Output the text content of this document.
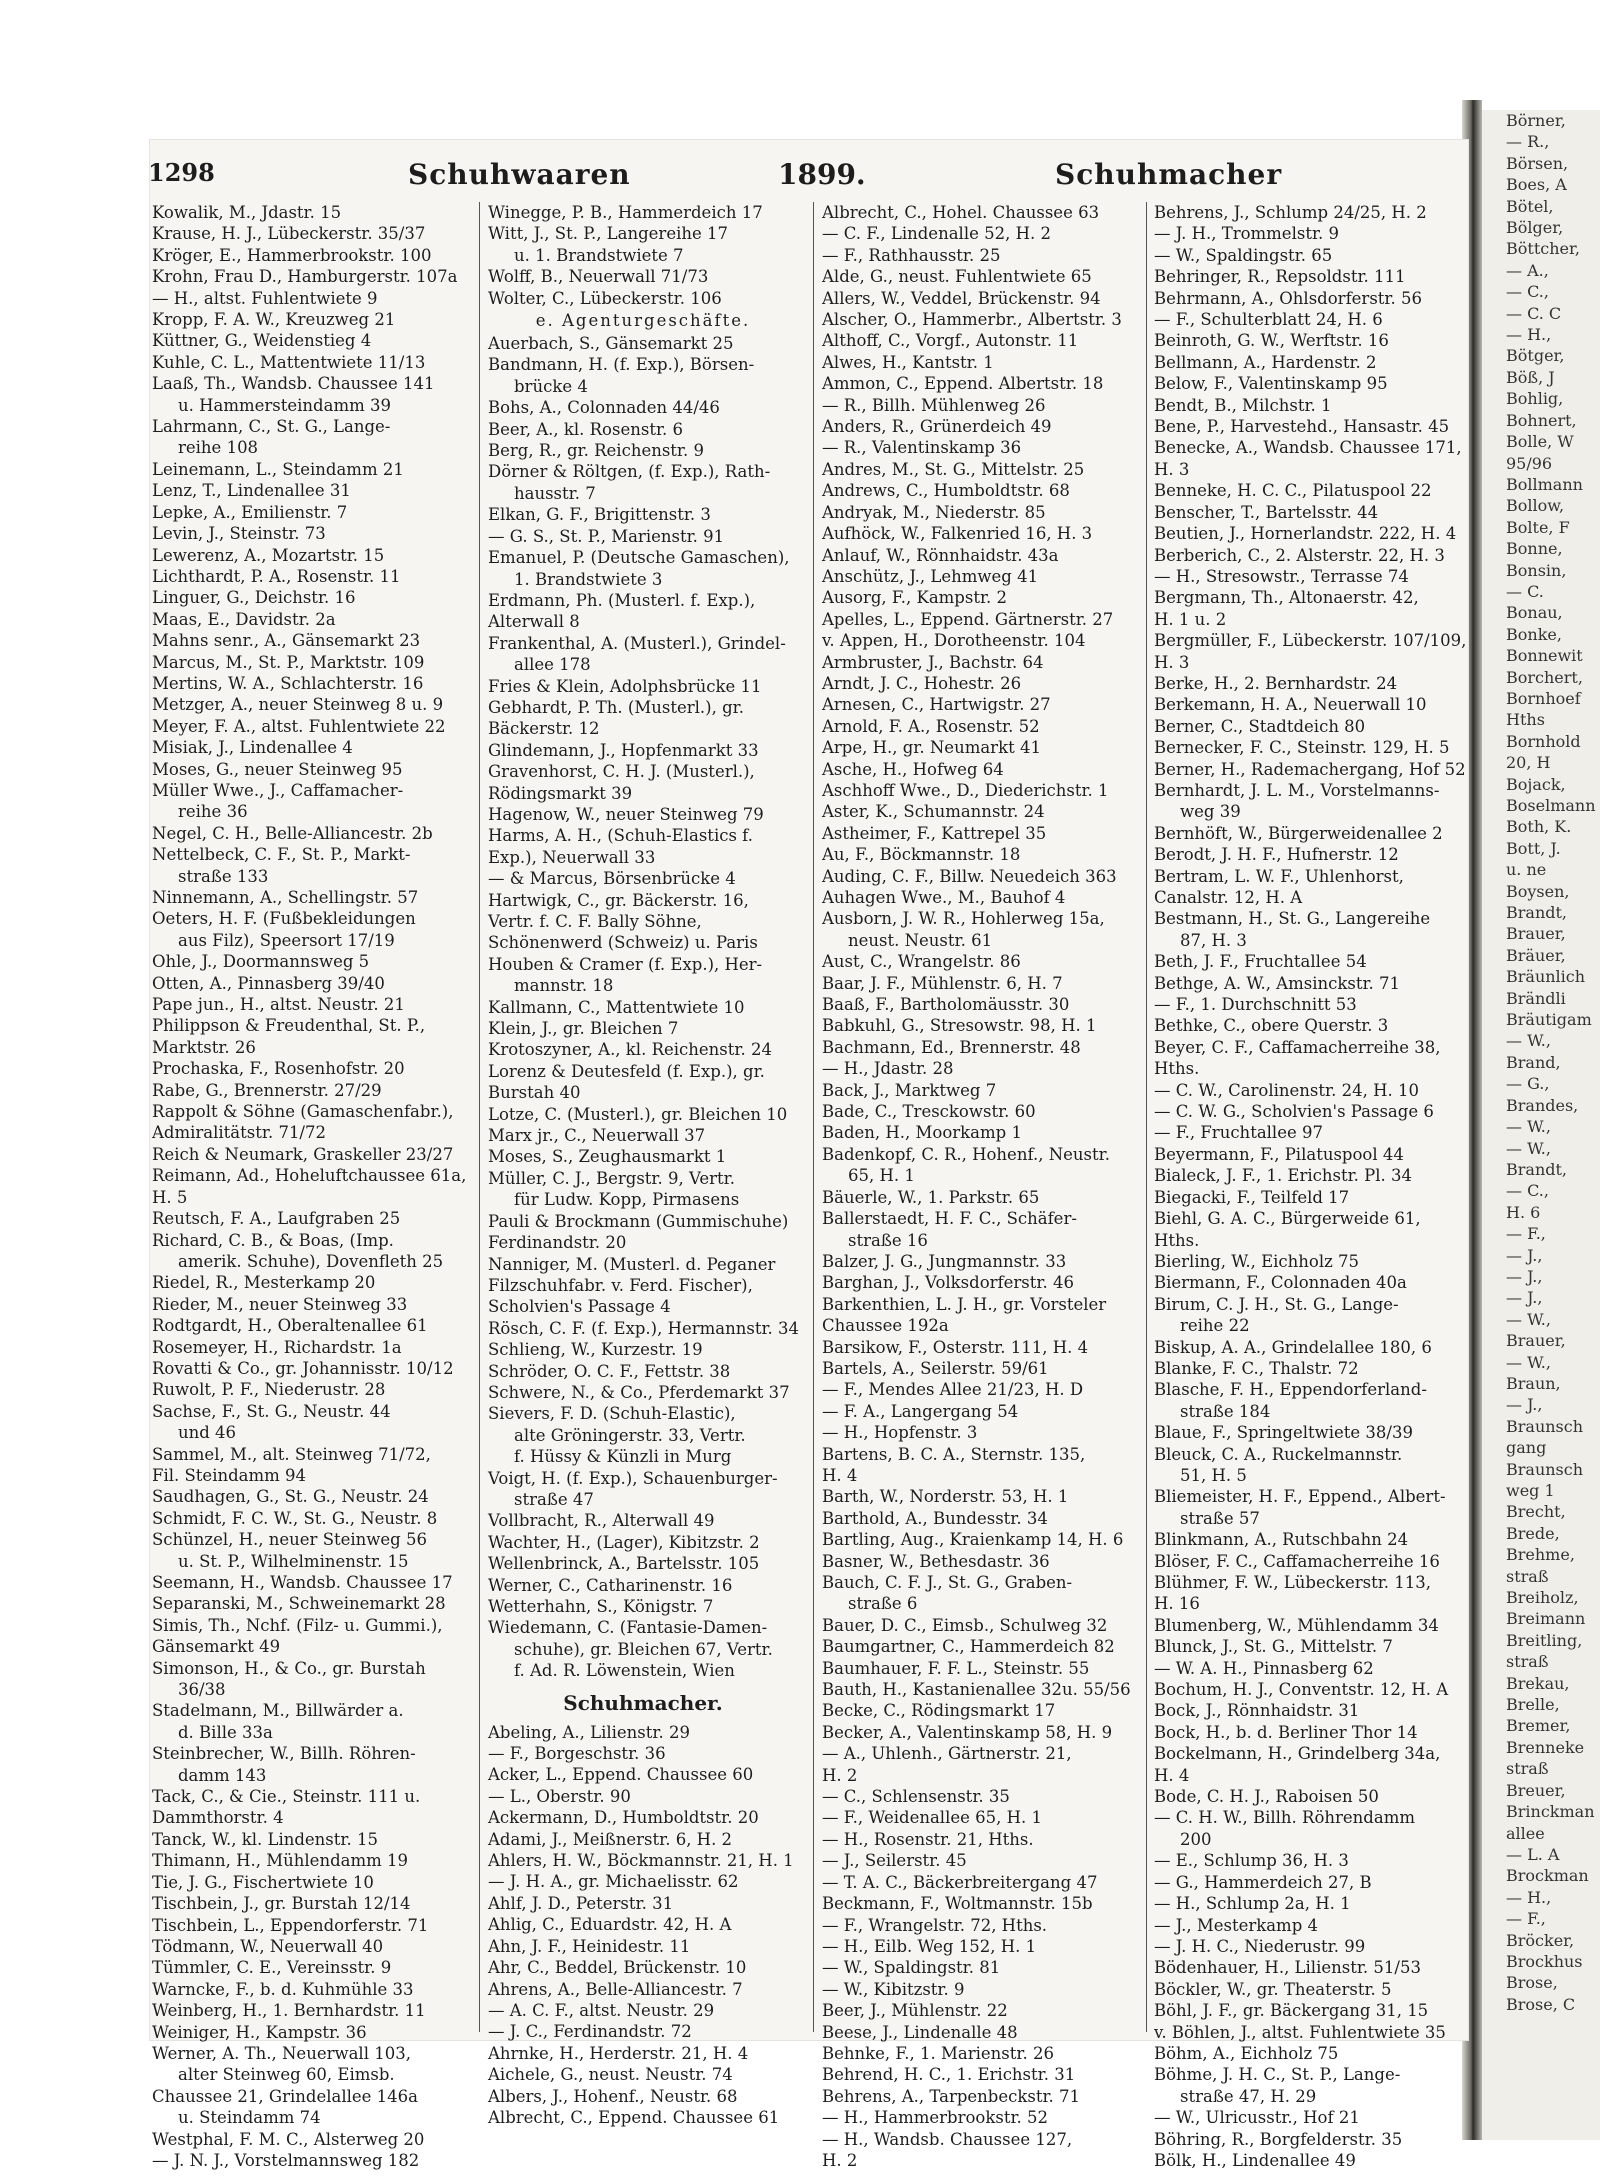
Börner,
— R.,
Börsen,
Boes, A
Bötel,
Bölger,
Böttcher,
— A.,
— C.,
— C. C
— H.,
Bötger,
Böß, J
Bohlig,
Bohnert,
Bolle, W
95/96
Bollmann
Bollow,
Bolte, F
Bonne,
Bonsin,
— C.
Bonau,
Bonke,
Bonnewit
Borchert,
Bornhoef
Hths
Bornhold
20, H
Bojack,
Boselmann
Both, K.
Bott, J.
u. ne
Boysen,
Brandt,
Brauer,
Bräuer,
Bräunlich
Brändli
Bräutigam
— W.,
Brand,
— G.,
Brandes,
— W.,
— W.,
Brandt,
— C.,
H. 6
— F.,
— J.,
— J.,
— J.,
— W.,
Brauer,
— W.,
Braun,
— J.,
Braunsch
gang
Braunsch
weg 1
Brecht,
Brede,
Brehme,
straß
Breiholz,
Breimann
Breitling,
straß
Brekau,
Brelle,
Bremer,
Brenneke
straß
Breuer,
Brinckman
allee
— L. A
Brockman
— H.,
— F.,
Bröcker,
Brockhus
Brose,
Brose, C
1298	Schuhwaaren	1899.	Schuhmacher
Kowalik, M., Jdastr. 15
Krause, H. J., Lübeckerstr. 35/37
Kröger, E., Hammerbrookstr. 100
Krohn, Frau D., Hamburgerstr. 107a
— H., altst. Fuhlentwiete 9
Kropp, F. A. W., Kreuzweg 21
Küttner, G., Weidenstieg 4
Kuhle, C. L., Mattentwiete 11/13
Laaß, Th., Wandsb. Chaussee 141
u. Hammersteindamm 39
Lahrmann, C., St. G., Lange-
reihe 108
Leinemann, L., Steindamm 21
Lenz, T., Lindenallee 31
Lepke, A., Emilienstr. 7
Levin, J., Steinstr. 73
Lewerenz, A., Mozartstr. 15
Lichthardt, P. A., Rosenstr. 11
Linguer, G., Deichstr. 16
Maas, E., Davidstr. 2a
Mahns senr., A., Gänsemarkt 23
Marcus, M., St. P., Marktstr. 109
Mertins, W. A., Schlachterstr. 16
Metzger, A., neuer Steinweg 8 u. 9
Meyer, F. A., altst. Fuhlentwiete 22
Misiak, J., Lindenallee 4
Moses, G., neuer Steinweg 95
Müller Wwe., J., Caffamacher-
reihe 36
Negel, C. H., Belle-Alliancestr. 2b
Nettelbeck, C. F., St. P., Markt-
straße 133
Ninnemann, A., Schellingstr. 57
Oeters, H. F. (Fußbekleidungen
aus Filz), Speersort 17/19
Ohle, J., Doormannsweg 5
Otten, A., Pinnasberg 39/40
Pape jun., H., altst. Neustr. 21
Philippson & Freudenthal, St. P.,
Marktstr. 26
Prochaska, F., Rosenhofstr. 20
Rabe, G., Brennerstr. 27/29
Rappolt & Söhne (Gamaschenfabr.),
Admiralitätstr. 71/72
Reich & Neumark, Graskeller 23/27
Reimann, Ad., Hoheluftchaussee 61a,
H. 5
Reutsch, F. A., Laufgraben 25
Richard, C. B., & Boas, (Imp.
amerik. Schuhe), Dovenfleth 25
Riedel, R., Mesterkamp 20
Rieder, M., neuer Steinweg 33
Rodtgardt, H., Oberaltenallee 61
Rosemeyer, H., Richardstr. 1a
Rovatti & Co., gr. Johannisstr. 10/12
Ruwolt, P. F., Niederustr. 28
Sachse, F., St. G., Neustr. 44
und 46
Sammel, M., alt. Steinweg 71/72,
Fil. Steindamm 94
Saudhagen, G., St. G., Neustr. 24
Schmidt, F. C. W., St. G., Neustr. 8
Schünzel, H., neuer Steinweg 56
u. St. P., Wilhelminenstr. 15
Seemann, H., Wandsb. Chaussee 17
Separanski, M., Schweinemarkt 28
Simis, Th., Nchf. (Filz- u. Gummi.),
Gänsemarkt 49
Simonson, H., & Co., gr. Burstah
36/38
Stadelmann, M., Billwärder a.
d. Bille 33a
Steinbrecher, W., Billh. Röhren-
damm 143
Tack, C., & Cie., Steinstr. 111 u.
Dammthorstr. 4
Tanck, W., kl. Lindenstr. 15
Thimann, H., Mühlendamm 19
Tie, J. G., Fischertwiete 10
Tischbein, J., gr. Burstah 12/14
Tischbein, L., Eppendorferstr. 71
Tödmann, W., Neuerwall 40
Tümmler, C. E., Vereinsstr. 9
Warncke, F., b. d. Kuhmühle 33
Weinberg, H., 1. Bernhardstr. 11
Weiniger, H., Kampstr. 36
Werner, A. Th., Neuerwall 103,
alter Steinweg 60, Eimsb.
Chaussee 21, Grindelallee 146a
u. Steindamm 74
Westphal, F. M. C., Alsterweg 20
— J. N. J., Vorstelmannsweg 182
Winegge, P. B., Hammerdeich 17
Witt, J., St. P., Langereihe 17
u. 1. Brandstwiete 7
Wolff, B., Neuerwall 71/73
Wolter, C., Lübeckerstr. 106
e. Agenturgeschäfte.
Auerbach, S., Gänsemarkt 25
Bandmann, H. (f. Exp.), Börsen-
brücke 4
Bohs, A., Colonnaden 44/46
Beer, A., kl. Rosenstr. 6
Berg, R., gr. Reichenstr. 9
Dörner & Röltgen, (f. Exp.), Rath-
hausstr. 7
Elkan, G. F., Brigittenstr. 3
— G. S., St. P., Marienstr. 91
Emanuel, P. (Deutsche Gamaschen),
1. Brandstwiete 3
Erdmann, Ph. (Musterl. f. Exp.),
Alterwall 8
Frankenthal, A. (Musterl.), Grindel-
allee 178
Fries & Klein, Adolphsbrücke 11
Gebhardt, P. Th. (Musterl.), gr.
Bäckerstr. 12
Glindemann, J., Hopfenmarkt 33
Gravenhorst, C. H. J. (Musterl.),
Rödingsmarkt 39
Hagenow, W., neuer Steinweg 79
Harms, A. H., (Schuh-Elastics f.
Exp.), Neuerwall 33
— & Marcus, Börsenbrücke 4
Hartwigk, C., gr. Bäckerstr. 16,
Vertr. f. C. F. Bally Söhne,
Schönenwerd (Schweiz) u. Paris
Houben & Cramer (f. Exp.), Her-
mannstr. 18
Kallmann, C., Mattentwiete 10
Klein, J., gr. Bleichen 7
Krotoszyner, A., kl. Reichenstr. 24
Lorenz & Deutesfeld (f. Exp.), gr.
Burstah 40
Lotze, C. (Musterl.), gr. Bleichen 10
Marx jr., C., Neuerwall 37
Moses, S., Zeughausmarkt 1
Müller, C. J., Bergstr. 9, Vertr.
für Ludw. Kopp, Pirmasens
Pauli & Brockmann (Gummischuhe)
Ferdinandstr. 20
Nanniger, M. (Musterl. d. Peganer
Filzschuhfabr. v. Ferd. Fischer),
Scholvien's Passage 4
Rösch, C. F. (f. Exp.), Hermannstr. 34
Schlieng, W., Kurzestr. 19
Schröder, O. C. F., Fettstr. 38
Schwere, N., & Co., Pferdemarkt 37
Sievers, F. D. (Schuh-Elastic),
alte Gröningerstr. 33, Vertr.
f. Hüssy & Künzli in Murg
Voigt, H. (f. Exp.), Schauenburger-
straße 47
Vollbracht, R., Alterwall 49
Wachter, H., (Lager), Kibitzstr. 2
Wellenbrinck, A., Bartelsstr. 105
Werner, C., Catharinenstr. 16
Wetterhahn, S., Königstr. 7
Wiedemann, C. (Fantasie-Damen-
schuhe), gr. Bleichen 67, Vertr.
f. Ad. R. Löwenstein, Wien
Schuhmacher.
Abeling, A., Lilienstr. 29
— F., Borgeschstr. 36
Acker, L., Eppend. Chaussee 60
— L., Oberstr. 90
Ackermann, D., Humboldtstr. 20
Adami, J., Meißnerstr. 6, H. 2
Ahlers, H. W., Böckmannstr. 21, H. 1
— J. H. A., gr. Michaelisstr. 62
Ahlf, J. D., Peterstr. 31
Ahlig, C., Eduardstr. 42, H. A
Ahn, J. F., Heinidestr. 11
Ahr, C., Beddel, Brückenstr. 10
Ahrens, A., Belle-Alliancestr. 7
— A. C. F., altst. Neustr. 29
— J. C., Ferdinandstr. 72
Ahrnke, H., Herderstr. 21, H. 4
Aichele, G., neust. Neustr. 74
Albers, J., Hohenf., Neustr. 68
Albrecht, C., Eppend. Chaussee 61
Albrecht, C., Hohel. Chaussee 63
— C. F., Lindenalle 52, H. 2
— F., Rathhausstr. 25
Alde, G., neust. Fuhlentwiete 65
Allers, W., Veddel, Brückenstr. 94
Alscher, O., Hammerbr., Albertstr. 3
Althoff, C., Vorgf., Autonstr. 11
Alwes, H., Kantstr. 1
Ammon, C., Eppend. Albertstr. 18
— R., Billh. Mühlenweg 26
Anders, R., Grünerdeich 49
— R., Valentinskamp 36
Andres, M., St. G., Mittelstr. 25
Andrews, C., Humboldtstr. 68
Andryak, M., Niederstr. 85
Aufhöck, W., Falkenried 16, H. 3
Anlauf, W., Rönnhaidstr. 43a
Anschütz, J., Lehmweg 41
Ausorg, F., Kampstr. 2
Apelles, L., Eppend. Gärtnerstr. 27
v. Appen, H., Dorotheenstr. 104
Armbruster, J., Bachstr. 64
Arndt, J. C., Hohestr. 26
Arnesen, C., Hartwigstr. 27
Arnold, F. A., Rosenstr. 52
Arpe, H., gr. Neumarkt 41
Asche, H., Hofweg 64
Aschhoff Wwe., D., Diederichstr. 1
Aster, K., Schumannstr. 24
Astheimer, F., Kattrepel 35
Au, F., Böckmannstr. 18
Auding, C. F., Billw. Neuedeich 363
Auhagen Wwe., M., Bauhof 4
Ausborn, J. W. R., Hohlerweg 15a,
neust. Neustr. 61
Aust, C., Wrangelstr. 86
Baar, J. F., Mühlenstr. 6, H. 7
Baaß, F., Bartholomäusstr. 30
Babkuhl, G., Stresowstr. 98, H. 1
Bachmann, Ed., Brennerstr. 48
— H., Jdastr. 28
Back, J., Marktweg 7
Bade, C., Tresckowstr. 60
Baden, H., Moorkamp 1
Badenkopf, C. R., Hohenf., Neustr.
65, H. 1
Bäuerle, W., 1. Parkstr. 65
Ballerstaedt, H. F. C., Schäfer-
straße 16
Balzer, J. G., Jungmannstr. 33
Barghan, J., Volksdorferstr. 46
Barkenthien, L. J. H., gr. Vorsteler
Chaussee 192a
Barsikow, F., Osterstr. 111, H. 4
Bartels, A., Seilerstr. 59/61
— F., Mendes Allee 21/23, H. D
— F. A., Langergang 54
— H., Hopfenstr. 3
Bartens, B. C. A., Sternstr. 135,
H. 4
Barth, W., Norderstr. 53, H. 1
Barthold, A., Bundesstr. 34
Bartling, Aug., Kraienkamp 14, H. 6
Basner, W., Bethesdastr. 36
Bauch, C. F. J., St. G., Graben-
straße 6
Bauer, D. C., Eimsb., Schulweg 32
Baumgartner, C., Hammerdeich 82
Baumhauer, F. F. L., Steinstr. 55
Bauth, H., Kastanienallee 32u. 55/56
Becke, C., Rödingsmarkt 17
Becker, A., Valentinskamp 58, H. 9
— A., Uhlenh., Gärtnerstr. 21,
H. 2
— C., Schlensenstr. 35
— F., Weidenallee 65, H. 1
— H., Rosenstr. 21, Hths.
— J., Seilerstr. 45
— T. A. C., Bäckerbreitergang 47
Beckmann, F., Woltmannstr. 15b
— F., Wrangelstr. 72, Hths.
— H., Eilb. Weg 152, H. 1
— W., Spaldingstr. 81
— W., Kibitzstr. 9
Beer, J., Mühlenstr. 22
Beese, J., Lindenalle 48
Behnke, F., 1. Marienstr. 26
Behrend, H. C., 1. Erichstr. 31
Behrens, A., Tarpenbeckstr. 71
— H., Hammerbrookstr. 52
— H., Wandsb. Chaussee 127,
H. 2
Behrens, J., Schlump 24/25, H. 2
— J. H., Trommelstr. 9
— W., Spaldingstr. 65
Behringer, R., Repsoldstr. 111
Behrmann, A., Ohlsdorferstr. 56
— F., Schulterblatt 24, H. 6
Beinroth, G. W., Werftstr. 16
Bellmann, A., Hardenstr. 2
Below, F., Valentinskamp 95
Bendt, B., Milchstr. 1
Bene, P., Harvestehd., Hansastr. 45
Benecke, A., Wandsb. Chaussee 171,
H. 3
Benneke, H. C. C., Pilatuspool 22
Benscher, T., Bartelsstr. 44
Beutien, J., Hornerlandstr. 222, H. 4
Berberich, C., 2. Alsterstr. 22, H. 3
— H., Stresowstr., Terrasse 74
Bergmann, Th., Altonaerstr. 42,
H. 1 u. 2
Bergmüller, F., Lübeckerstr. 107/109,
H. 3
Berke, H., 2. Bernhardstr. 24
Berkemann, H. A., Neuerwall 10
Berner, C., Stadtdeich 80
Bernecker, F. C., Steinstr. 129, H. 5
Berner, H., Rademachergang, Hof 52
Bernhardt, J. L. M., Vorstelmanns-
weg 39
Bernhöft, W., Bürgerweidenallee 2
Berodt, J. H. F., Hufnerstr. 12
Bertram, L. W. F., Uhlenhorst,
Canalstr. 12, H. A
Bestmann, H., St. G., Langereihe
87, H. 3
Beth, J. F., Fruchtallee 54
Bethge, A. W., Amsinckstr. 71
— F., 1. Durchschnitt 53
Bethke, C., obere Querstr. 3
Beyer, C. F., Caffamacherreihe 38,
Hths.
— C. W., Carolinenstr. 24, H. 10
— C. W. G., Scholvien's Passage 6
— F., Fruchtallee 97
Beyermann, F., Pilatuspool 44
Bialeck, J. F., 1. Erichstr. Pl. 34
Biegacki, F., Teilfeld 17
Biehl, G. A. C., Bürgerweide 61,
Hths.
Bierling, W., Eichholz 75
Biermann, F., Colonnaden 40a
Birum, C. J. H., St. G., Lange-
reihe 22
Biskup, A. A., Grindelallee 180, 6
Blanke, F. C., Thalstr. 72
Blasche, F. H., Eppendorferland-
straße 184
Blaue, F., Springeltwiete 38/39
Bleuck, C. A., Ruckelmannstr.
51, H. 5
Bliemeister, H. F., Eppend., Albert-
straße 57
Blinkmann, A., Rutschbahn 24
Blöser, F. C., Caffamacherreihe 16
Blühmer, F. W., Lübeckerstr. 113,
H. 16
Blumenberg, W., Mühlendamm 34
Blunck, J., St. G., Mittelstr. 7
— W. A. H., Pinnasberg 62
Bochum, H. J., Conventstr. 12, H. A
Bock, J., Rönnhaidstr. 31
Bock, H., b. d. Berliner Thor 14
Bockelmann, H., Grindelberg 34a,
H. 4
Bode, C. H. J., Raboisen 50
— C. H. W., Billh. Röhrendamm
200
— E., Schlump 36, H. 3
— G., Hammerdeich 27, B
— H., Schlump 2a, H. 1
— J., Mesterkamp 4
— J. H. C., Niederustr. 99
Bödenhauer, H., Lilienstr. 51/53
Böckler, W., gr. Theaterstr. 5
Böhl, J. F., gr. Bäckergang 31, 15
v. Böhlen, J., altst. Fuhlentwiete 35
Böhm, A., Eichholz 75
Böhme, J. H. C., St. P., Lange-
straße 47, H. 29
— W., Ulricusstr., Hof 21
Böhring, R., Borgfelderstr. 35
Bölk, H., Lindenallee 49
